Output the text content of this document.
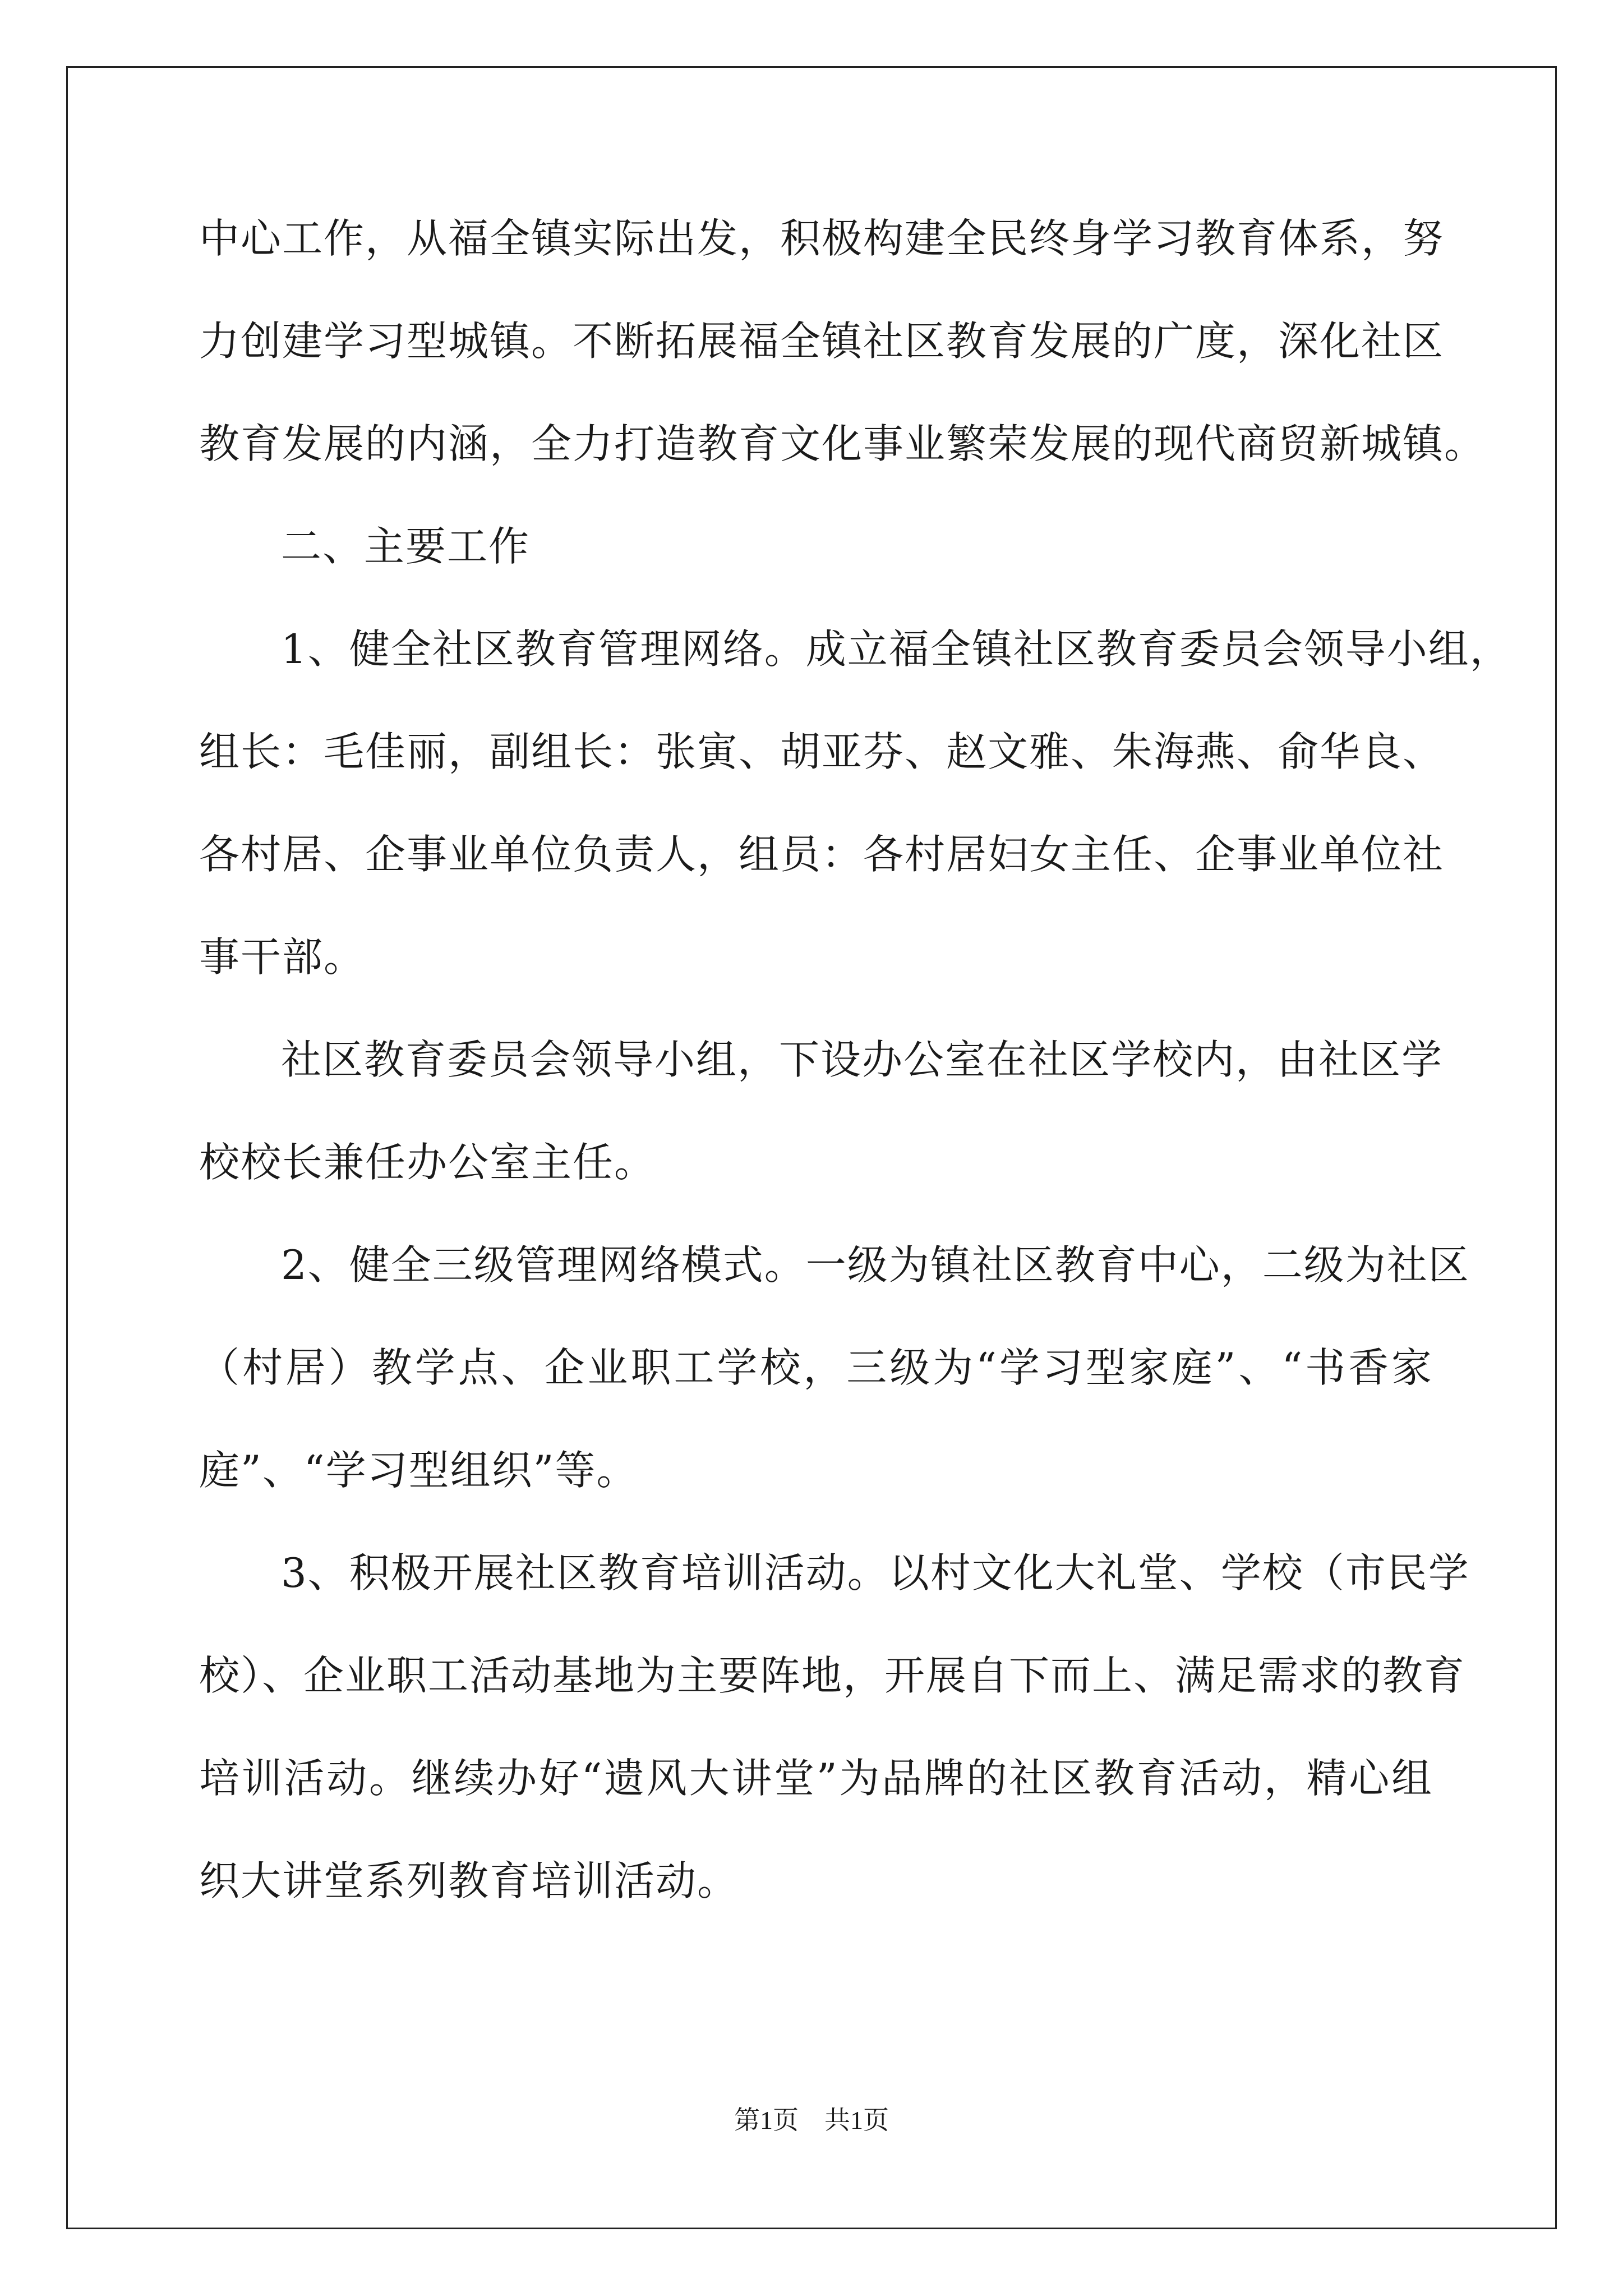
中心工作，从福全镇实际出发，积极构建全民终身学习教育体系，努
力创建学习型城镇。不断拓展福全镇社区教育发展的广度，深化社区
教育发展的内涵，全力打造教育文化事业繁荣发展的现代商贸新城镇。
二、主要工作
1、健全社区教育管理网络。成立福全镇社区教育委员会领导小组，
组长：毛佳丽，副组长：张寅、胡亚芬、赵文雅、朱海燕、俞华良、
各村居、企事业单位负责人，组员：各村居妇女主任、企事业单位社
事干部。
社区教育委员会领导小组，下设办公室在社区学校内，由社区学
校校长兼任办公室主任。
2、健全三级管理网络模式。一级为镇社区教育中心，二级为社区
（村居）教学点、企业职工学校，三级为“学习型家庭”、“书香家
庭”、“学习型组织”等。
3、积极开展社区教育培训活动。以村文化大礼堂、学校（市民学
校）、企业职工活动基地为主要阵地，开展自下而上、满足需求的教育
培训活动。继续办好“遗风大讲堂”为品牌的社区教育活动，精心组
织大讲堂系列教育培训活动。
第1页　共1页
